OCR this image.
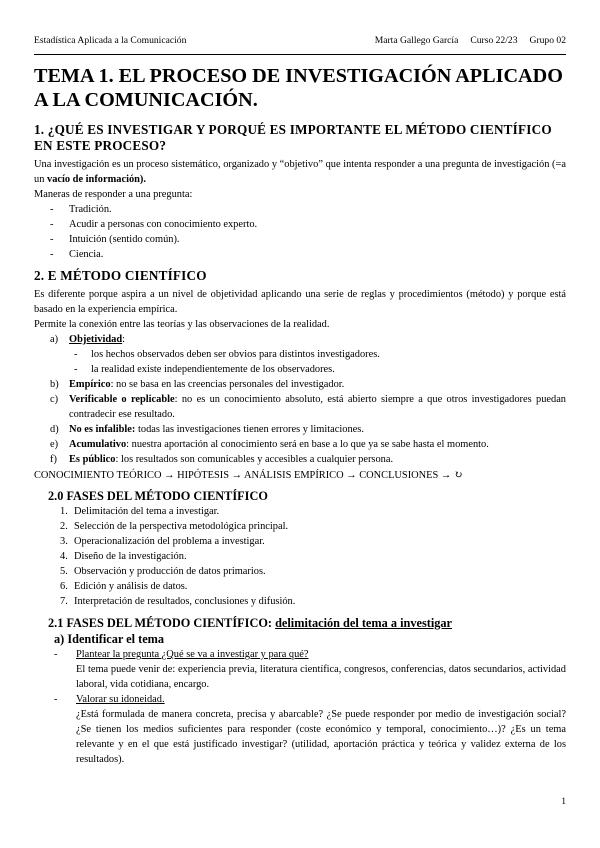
Estadística Aplicada a la Comunicación	Marta Gallego García     Curso 22/23     Grupo 02
TEMA 1. EL PROCESO DE INVESTIGACIÓN APLICADO A LA COMUNICACIÓN.
1. ¿QUÉ ES INVESTIGAR Y PORQUÉ ES IMPORTANTE EL MÉTODO CIENTÍFICO EN ESTE PROCESO?

Una investigación es un proceso sistemático, organizado y “objetivo” que intenta responder a una pregunta de investigación (=a un vacío de información).

Maneras de responder a una pregunta:

- Tradición.
- Acudir a personas con conocimiento experto.
- Intuición (sentido común).
- Ciencia.
2. E MÉTODO CIENTÍFICO

Es diferente porque aspira a un nivel de objetividad aplicando una serie de reglas y procedimientos (método) y porque está basado en la experiencia empírica.

Permite la conexión entre las teorías y las observaciones de la realidad.

a) Objetividad:
- los hechos observados deben ser obvios para distintos investigadores.
- la realidad existe independientemente de los observadores.
b) Empírico: no se basa en las creencias personales del investigador.
c) Verificable o replicable: no es un conocimiento absoluto, está abierto siempre a que otros investigadores puedan contradecir ese resultado.
d) No es infalible: todas las investigaciones tienen errores y limitaciones.
e) Acumulativo: nuestra aportación al conocimiento será en base a lo que ya se sabe hasta el momento.
f) Es público: los resultados son comunicables y accesibles a cualquier persona.

CONOCIMIENTO TEÓRICO → HIPÓTESIS → ANÁLISIS EMPÍRICO → CONCLUSIONES → ↻

2.0 FASES DEL MÉTODO CIENTÍFICO
1. Delimitación del tema a investigar.
2. Selección de la perspectiva metodológica principal.
3. Operacionalización del problema a investigar.
4. Diseño de la investigación.
5. Observación y producción de datos primarios.
6. Edición y análisis de datos.
7. Interpretación de resultados, conclusiones y difusión.
2.1 FASES DEL MÉTODO CIENTÍFICO: delimitación del tema a investigar
a) Identificar el tema
- Plantear la pregunta ¿Qué se va a investigar y para qué?

El tema puede venir de: experiencia previa, literatura científica, congresos, conferencias, datos secundarios, actividad laboral, vida cotidiana, encargo.

- Valorar su idoneidad.

¿Está formulada de manera concreta, precisa y abarcable? ¿Se puede responder por medio de investigación social? ¿Se tienen los medios suficientes para responder (coste económico y temporal, conocimiento…)? ¿Es un tema relevante y en el que está justificado investigar? (utilidad, aportación práctica y teórica y validez externa de los resultados).

1
